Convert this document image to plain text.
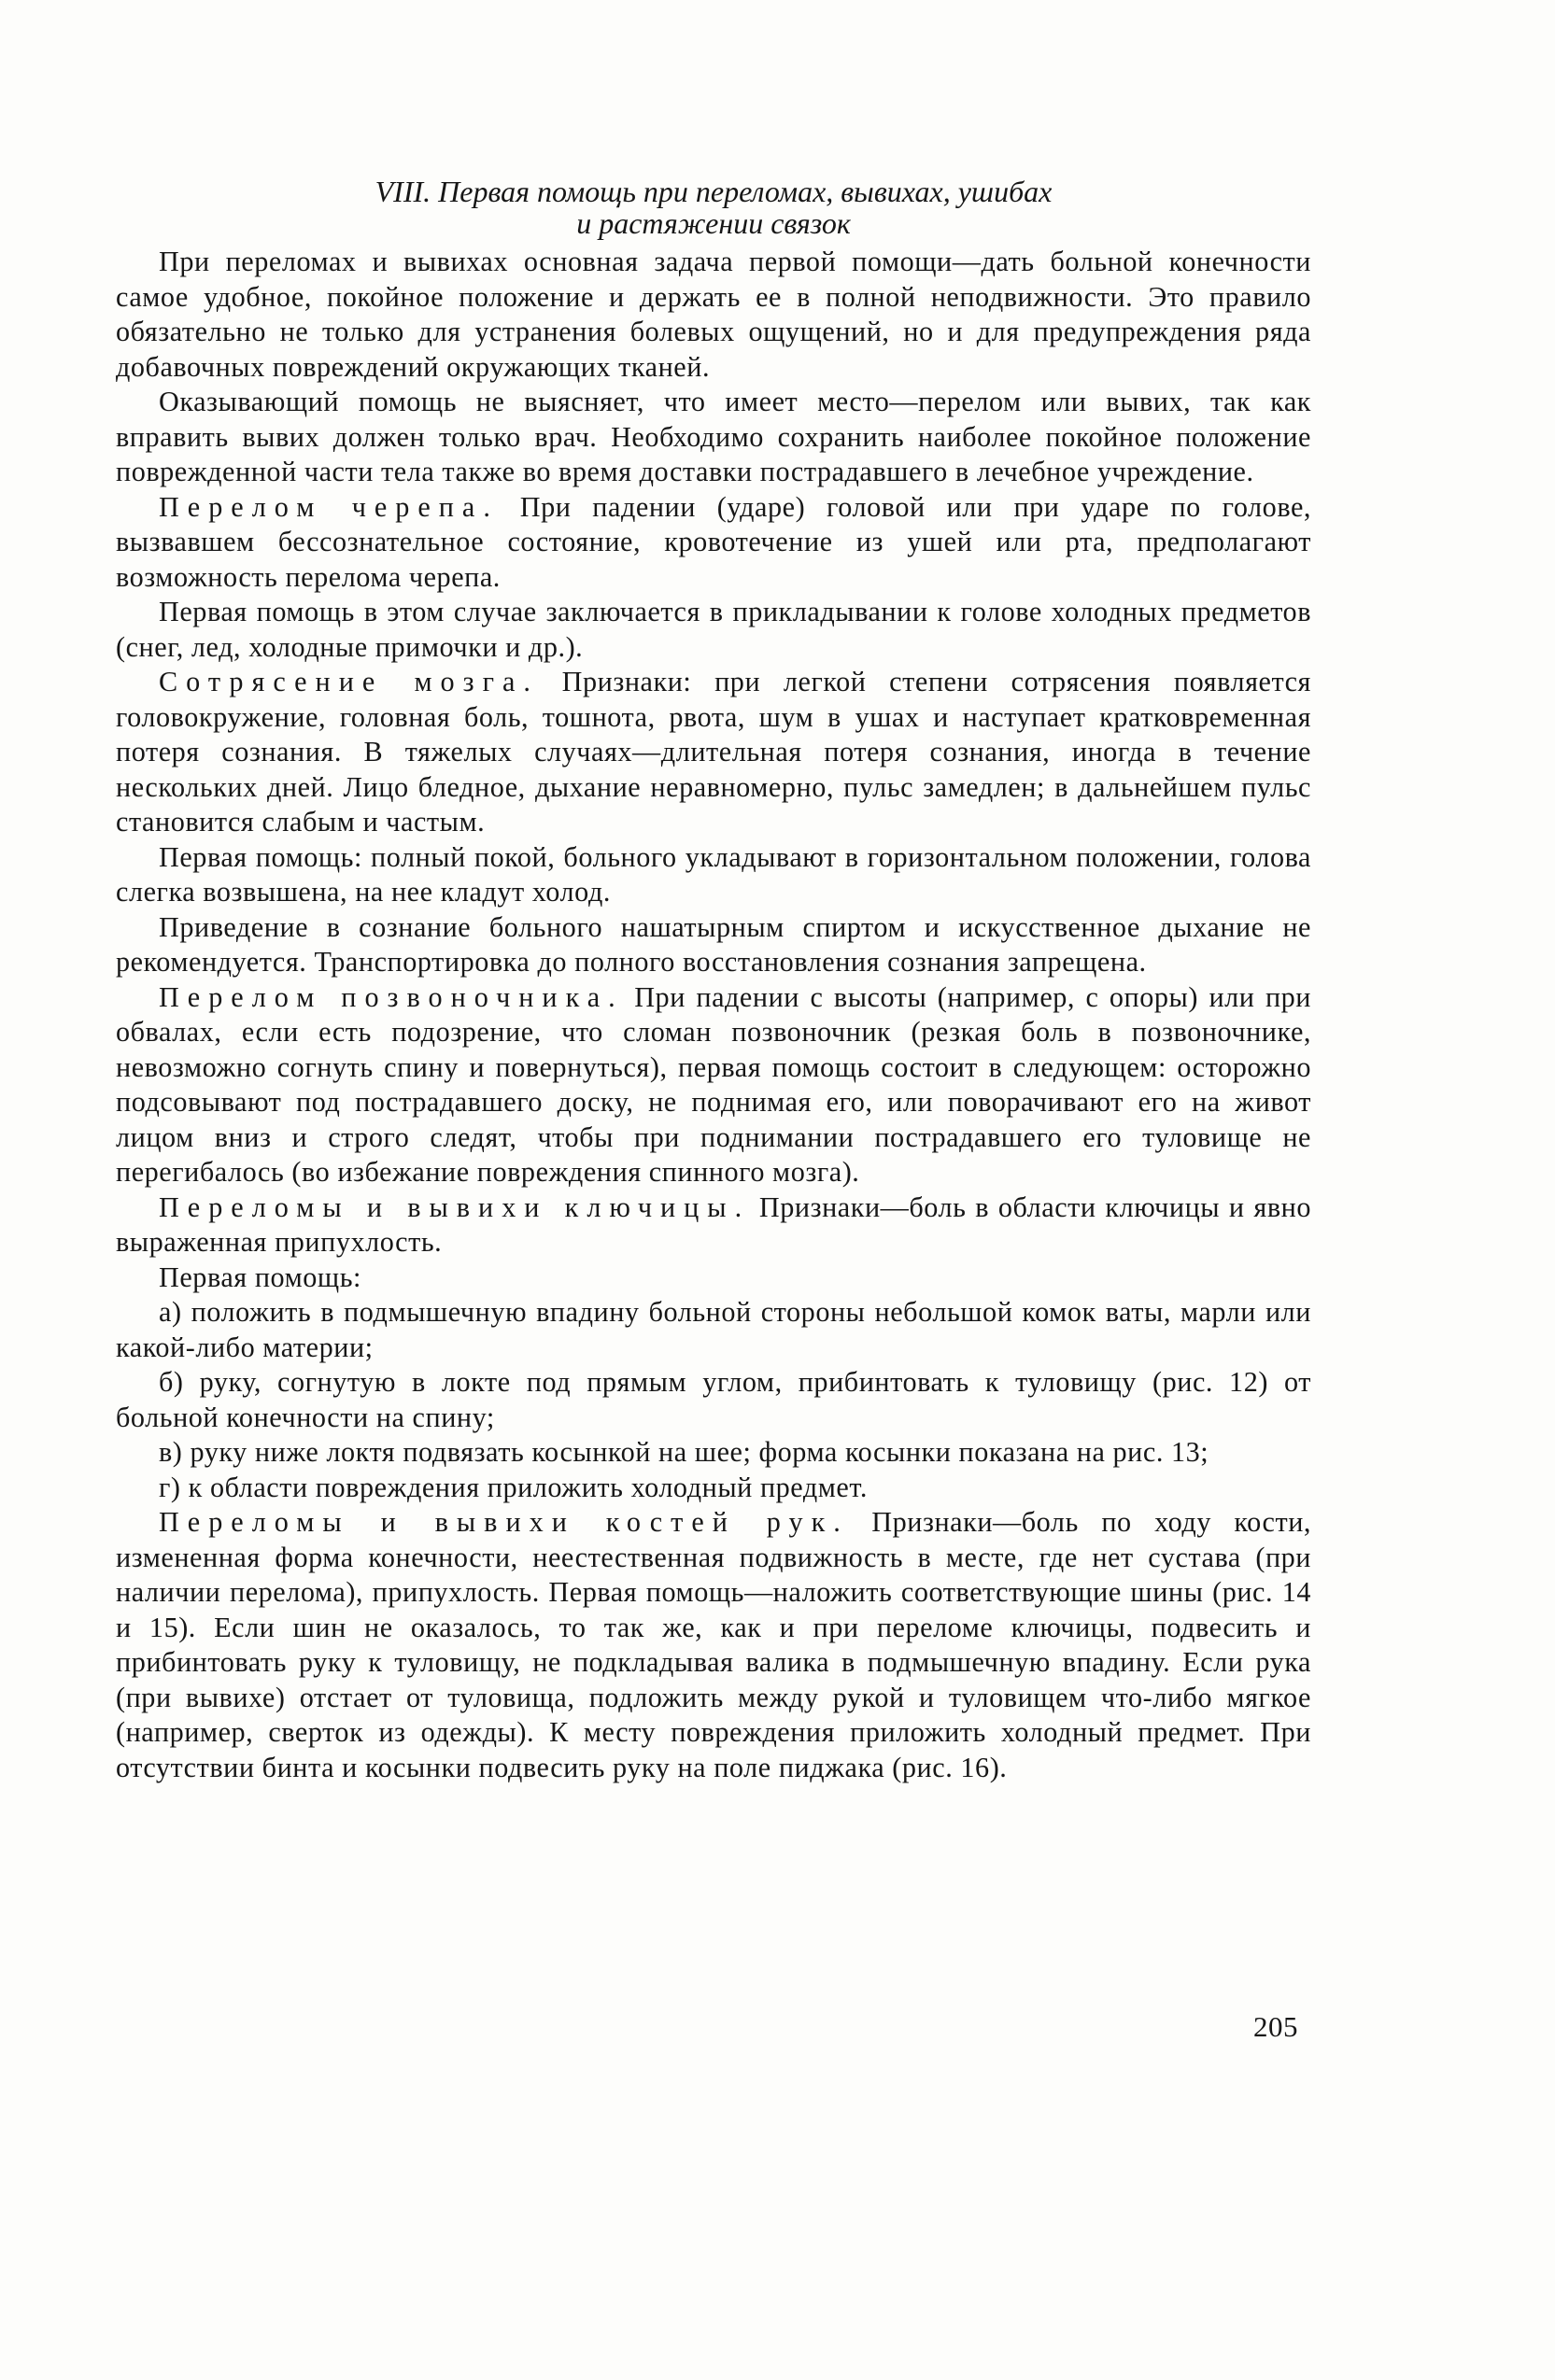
VIII. Первая помощь при переломах, вывихах, ушибах
и растяжении связок

При переломах и вывихах основная задача первой помощи—дать больной конечности самое удобное, покойное положение и держать ее в полной неподвижности. Это правило обязательно не только для устранения болевых ощущений, но и для предупреждения ряда добавочных повреждений окружающих тканей.

Оказывающий помощь не выясняет, что имеет место—перелом или вывих, так как вправить вывих должен только врач. Необходимо сохранить наиболее покойное положение поврежденной части тела также во время доставки пострадавшего в лечебное учреждение.

Перелом черепа. При падении (ударе) головой или при ударе по голове, вызвавшем бессознательное состояние, кровотечение из ушей или рта, предполагают возможность перелома черепа.

Первая помощь в этом случае заключается в прикладывании к голове холодных предметов (снег, лед, холодные примочки и др.).

Сотрясение мозга. Признаки: при легкой степени сотрясения появляется головокружение, головная боль, тошнота, рвота, шум в ушах и наступает кратковременная потеря сознания. В тяжелых случаях—длительная потеря сознания, иногда в течение нескольких дней. Лицо бледное, дыхание неравномерно, пульс замедлен; в дальнейшем пульс становится слабым и частым.

Первая помощь: полный покой, больного укладывают в горизонтальном положении, голова слегка возвышена, на нее кладут холод.

Приведение в сознание больного нашатырным спиртом и искусственное дыхание не рекомендуется. Транспортировка до полного восстановления сознания запрещена.

Перелом позвоночника. При падении с высоты (например, с опоры) или при обвалах, если есть подозрение, что сломан позвоночник (резкая боль в позвоночнике, невозможно согнуть спину и повернуться), первая помощь состоит в следующем: осторожно подсовывают под пострадавшего доску, не поднимая его, или поворачивают его на живот лицом вниз и строго следят, чтобы при поднимании пострадавшего его туловище не перегибалось (во избежание повреждения спинного мозга).

Переломы и вывихи ключицы. Признаки—боль в области ключицы и явно выраженная припухлость.

Первая помощь:

а) положить в подмышечную впадину больной стороны небольшой комок ваты, марли или какой-либо материи;

б) руку, согнутую в локте под прямым углом, прибинтовать к туловищу (рис. 12) от больной конечности на спину;

в) руку ниже локтя подвязать косынкой на шее; форма косынки показана на рис. 13;

г) к области повреждения приложить холодный предмет.

Переломы и вывихи костей рук. Признаки—боль по ходу кости, измененная форма конечности, неестественная подвижность в месте, где нет сустава (при наличии перелома), припухлость. Первая помощь—наложить соответствующие шины (рис. 14 и 15). Если шин не оказалось, то так же, как и при переломе ключицы, подвесить и прибинтовать руку к туловищу, не подкладывая валика в подмышечную впадину. Если рука (при вывихе) отстает от туловища, подложить между рукой и туловищем что-либо мягкое (например, сверток из одежды). К месту повреждения приложить холодный предмет. При отсутствии бинта и косынки подвесить руку на поле пиджака (рис. 16).

205
